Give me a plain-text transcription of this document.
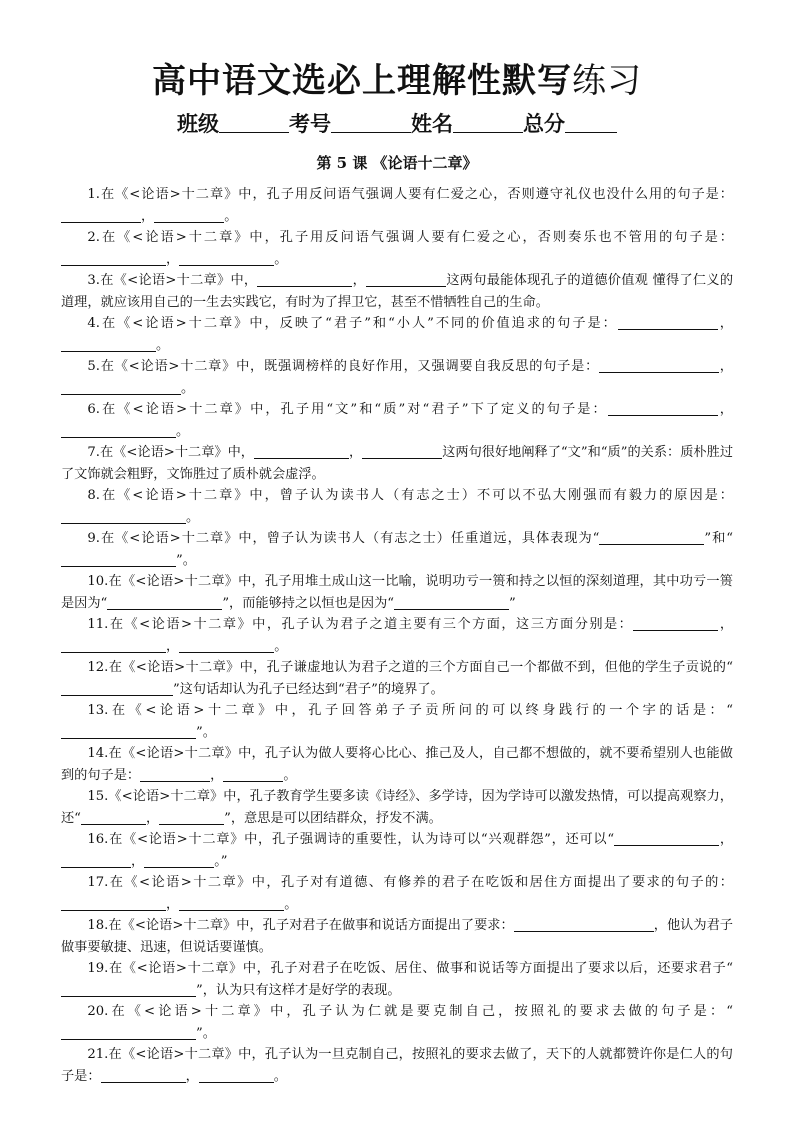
高中语文选必上理解性默写练习
班级	考号	姓名	总分
第 5 课 《论语十二章》

1.在《<论语>十二章》中，孔子用反问语气强调人要有仁爱之心，否则遵守礼仪也没什么用的句子是：，	。

2.在《<论语>十二章》中，孔子用反问语气强调人要有仁爱之心，否则奏乐也不管用的句子是：，	。

3.在《<论语>十二章》中，	，	这两句最能体现孔子的道德价值观 懂得了仁义的道理，就应该用自己的一生去实践它，有时为了捍卫它，甚至不惜牺牲自己的生命。

4.在《<论语>十二章》中，反映了“君子”和“小人”不同的价值追求的句子是：	，。

5.在《<论语>十二章》中，既强调榜样的良好作用，又强调要自我反思的句子是：	，。

6.在《<论语>十二章》中，孔子用“文”和“质”对“君子”下了定义的句子是：	，。

7.在《<论语>十二章》中，	，	这两句很好地阐释了“文”和“质”的关系：质朴胜过了文饰就会粗野，文饰胜过了质朴就会虚浮。

8.在《<论语>十二章》中，曾子认为读书人（有志之士）不可以不弘大刚强而有毅力的原因是：。

9.在《<论语>十二章》中，曾子认为读书人（有志之士）任重道远，具体表现为“	”和“”。

10.在《<论语>十二章》中，孔子用堆土成山这一比喻，说明功亏一篑和持之以恒的深刻道理，其中功亏一篑是因为“	”，而能够持之以恒也是因为“	”

11.在《<论语>十二章》中，孔子认为君子之道主要有三个方面，这三方面分别是：	，，	。

12.在《<论语>十二章》中，孔子谦虚地认为君子之道的三个方面自己一个都做不到，但他的学生子贡说的“”这句话却认为孔子已经达到“君子”的境界了。

13.在《<论语>十二章》中，孔子回答弟子子贡所问的可以终身践行的一个字的话是：“”。

14.在《<论语>十二章》中，孔子认为做人要将心比心、推己及人，自己都不想做的，就不要希望别人也能做到的句子是：	，	。

15.《<论语>十二章》中，孔子教育学生要多读《诗经》、多学诗，因为学诗可以激发热情，可以提高观察力，还“	，	”，意思是可以团结群众，抒发不满。

16.在《<论语>十二章》中，孔子强调诗的重要性，认为诗可以“兴观群怨”，还可以“	，，	。”

17.在《<论语>十二章》中，孔子对有道德、有修养的君子在吃饭和居住方面提出了要求的句子的：，	。

18.在《<论语>十二章》中，孔子对君子在做事和说话方面提出了要求：	，他认为君子做事要敏捷、迅速，但说话要谨慎。

19.在《<论语>十二章》中，孔子对君子在吃饭、居住、做事和说话等方面提出了要求以后，还要求君子“”，认为只有这样才是好学的表现。

20.在《<论语>十二章》中，孔子认为仁就是要克制自己，按照礼的要求去做的句子是：“”。

21.在《<论语>十二章》中，孔子认为一旦克制自己，按照礼的要求去做了，天下的人就都赞许你是仁人的句子是：	，	。
